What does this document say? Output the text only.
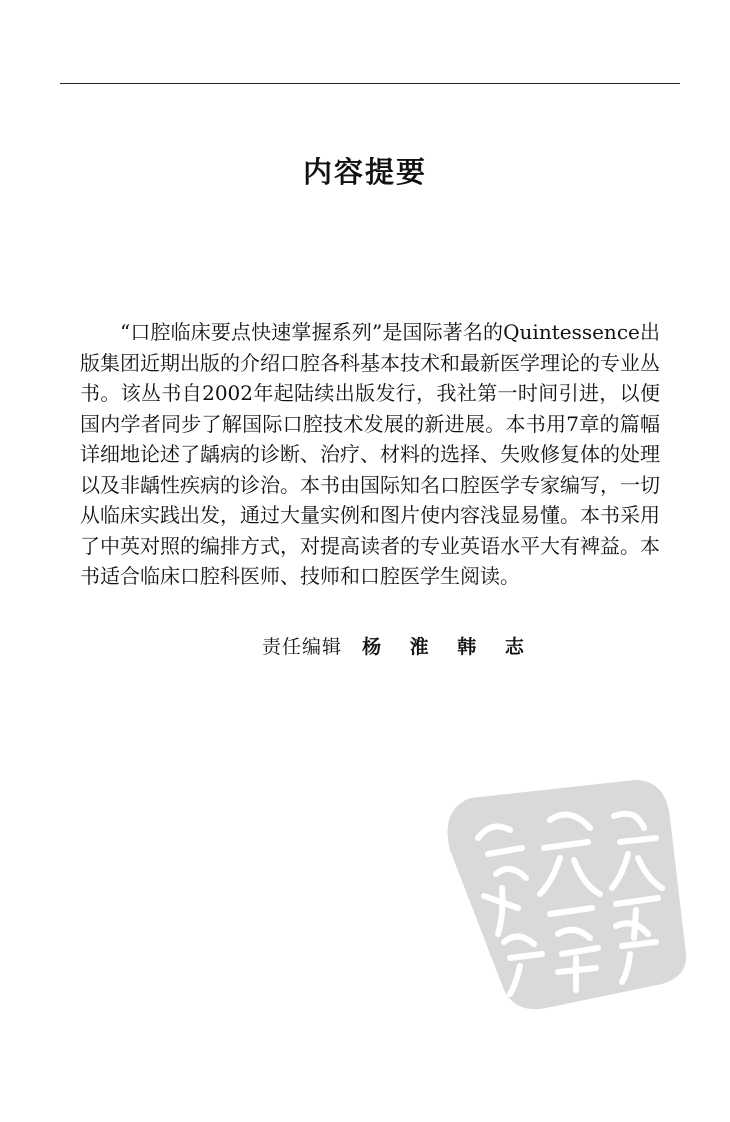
内容提要

“口腔临床要点快速掌握系列”是国际著名的Quintessence出版集团近期出版的介绍口腔各科基本技术和最新医学理论的专业丛书。该丛书自2002年起陆续出版发行，我社第一时间引进，以便国内学者同步了解国际口腔技术发展的新进展。本书用7章的篇幅详细地论述了龋病的诊断、治疗、材料的选择、失败修复体的处理以及非龋性疾病的诊治。本书由国际知名口腔医学专家编写，一切从临床实践出发，通过大量实例和图片使内容浅显易懂。本书采用了中英对照的编排方式，对提高读者的专业英语水平大有裨益。本书适合临床口腔科医师、技师和口腔医学生阅读。

责任编辑 杨 淮 韩 志
